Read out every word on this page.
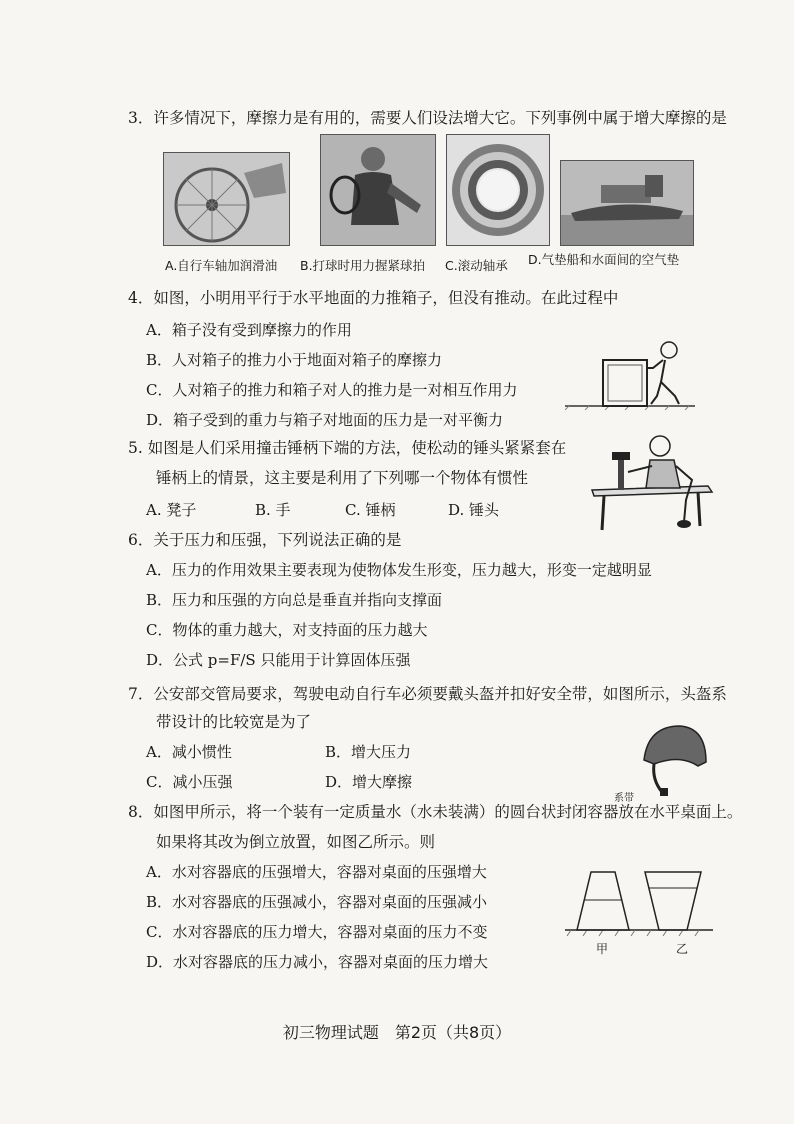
3．许多情况下，摩擦力是有用的，需要人们设法增大它。下列事例中属于增大摩擦的是
A.自行车轴加润滑油 B.打球时用力握紧球拍 C.滚动轴承 D.气垫船和水面间的空气垫
4．如图，小明用平行于水平地面的力推箱子，但没有推动。在此过程中
A．箱子没有受到摩擦力的作用
B．人对箱子的推力小于地面对箱子的摩擦力
C．人对箱子的推力和箱子对人的推力是一对相互作用力
D．箱子受到的重力与箱子对地面的压力是一对平衡力
5. 如图是人们采用撞击锤柄下端的方法，使松动的锤头紧紧套在
锤柄上的情景，这主要是利用了下列哪一个物体有惯性
A. 凳子	B. 手	C. 锤柄	D. 锤头
6．关于压力和压强，下列说法正确的是
A．压力的作用效果主要表现为使物体发生形变，压力越大，形变一定越明显
B．压力和压强的方向总是垂直并指向支撑面
C．物体的重力越大，对支持面的压力越大
D．公式 p=F/S 只能用于计算固体压强
7．公安部交管局要求，驾驶电动自行车必须要戴头盔并扣好安全带，如图所示，头盔系
带设计的比较宽是为了
A．减小惯性	B．增大压力
C．减小压强	D．增大摩擦
系带
8．如图甲所示，将一个装有一定质量水（水未装满）的圆台状封闭容器放在水平桌面上。
如果将其改为倒立放置，如图乙所示。则
A．水对容器底的压强增大，容器对桌面的压强增大
B．水对容器底的压强减小，容器对桌面的压强减小
C．水对容器底的压力增大，容器对桌面的压力不变
D．水对容器底的压力减小，容器对桌面的压力增大
甲	乙
初三物理试题　第2页（共8页）
